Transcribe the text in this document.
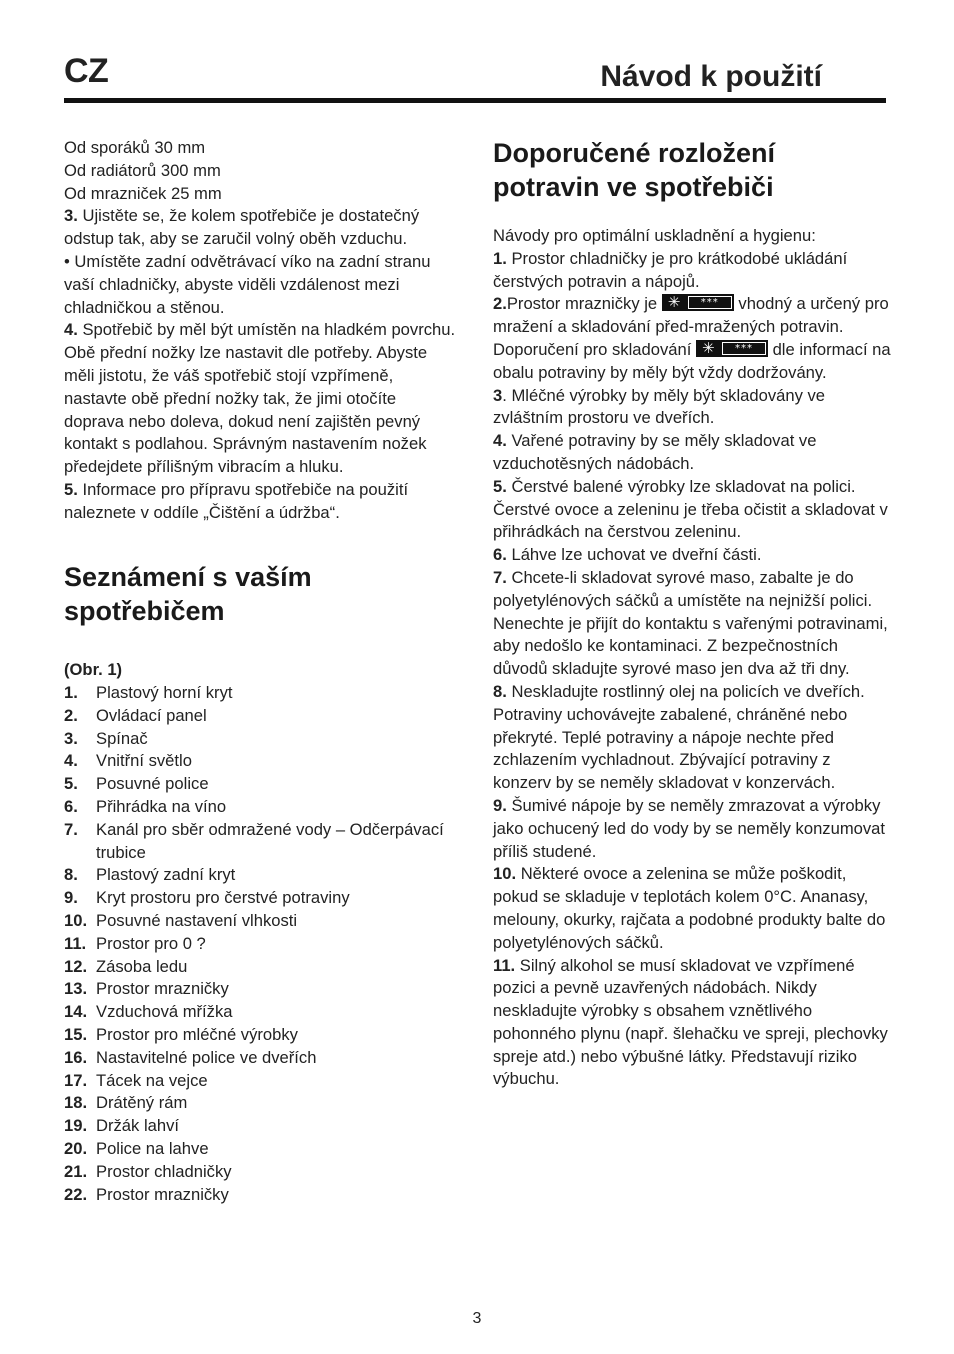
CZ	Návod k použití

Od sporáků 30 mm

Od radiátorů 300 mm

Od mrazniček 25 mm

3. Ujistěte se, že kolem spotřebiče je dostatečný odstup tak, aby se zaručil volný oběh vzduchu.

• Umístěte zadní odvětrávací víko na zadní stranu vaší chladničky, abyste viděli vzdálenost mezi chladničkou a stěnou.

4. Spotřebič by měl být umístěn na hladkém povrchu. Obě přední nožky lze nastavit dle potřeby. Abyste měli jistotu, že váš spotřebič stojí vzpřímeně, nastavte obě přední nožky tak, že jimi otočíte doprava nebo doleva, dokud není zajištěn pevný kontakt s podlahou. Správným nastavením nožek předejdete přílišným vibracím a hluku.

5. Informace pro přípravu spotřebiče na použití naleznete v oddíle „Čištění a údržba“.

Seznámení s vaším spotřebičem
(Obr. 1)
1.	Plastový horní kryt
2.	Ovládací panel
3.	Spínač
4.	Vnitřní světlo
5.	Posuvné police
6.	Přihrádka na víno
7.	Kanál pro sběr odmražené vody – Odčerpávací trubice
8.	Plastový zadní kryt
9.	Kryt prostoru pro čerstvé potraviny
10. Posuvné nastavení vlhkosti
11. Prostor pro 0 ?
12. Zásoba ledu
13. Prostor mrazničky
14. Vzduchová mřížka
15. Prostor pro mléčné výrobky
16. Nastavitelné police ve dveřích
17. Tácek na vejce
18. Drátěný rám
19. Držák lahví
20. Police na lahve
21. Prostor chladničky
22. Prostor mrazničky
Doporučené rozložení potravin ve spotřebiči

Návody pro optimální uskladnění a hygienu:

1. Prostor chladničky je pro krátkodobé ukládání čerstvých potravin a nápojů.

2.Prostor mrazničky je ✳	***	vhodný a určený pro mražení a skladování před-mražených potravin. Doporučení pro skladování ✳	***	dle informací na obalu potraviny by měly být vždy dodržovány.

3. Mléčné výrobky by měly být skladovány ve zvláštním prostoru ve dveřích.

4. Vařené potraviny by se měly skladovat ve vzduchotěsných nádobách.

5. Čerstvé balené výrobky lze skladovat na polici. Čerstvé ovoce a zeleninu je třeba očistit a skladovat v přihrádkách na čerstvou zeleninu.

6. Láhve lze uchovat ve dveřní části.

7. Chcete-li skladovat syrové maso, zabalte je do polyetylénových sáčků a umístěte na nejnižší polici. Nenechte je přijít do kontaktu s vařenými potravinami, aby nedošlo ke kontaminaci. Z bezpečnostních důvodů skladujte syrové maso jen dva až tři dny.

8. Neskladujte rostlinný olej na policích ve dveřích. Potraviny uchovávejte zabalené, chráněné nebo překryté. Teplé potraviny a nápoje nechte před zchlazením vychladnout. Zbývající potraviny z konzerv by se neměly skladovat v konzervách.

9. Šumivé nápoje by se neměly zmrazovat a výrobky jako ochucený led do vody by se neměly konzumovat příliš studené.

10. Některé ovoce a zelenina se může poškodit, pokud se skladuje v teplotách kolem 0°C. Ananasy, melouny, okurky, rajčata a podobné produkty balte do polyetylénových sáčků.

11. Silný alkohol se musí skladovat ve vzpřímené pozici a pevně uzavřených nádobách. Nikdy neskladujte výrobky s obsahem vznětlivého pohonného plynu (např. šlehačku ve spreji, plechovky spreje atd.) nebo výbušné látky. Představují riziko výbuchu.

3
